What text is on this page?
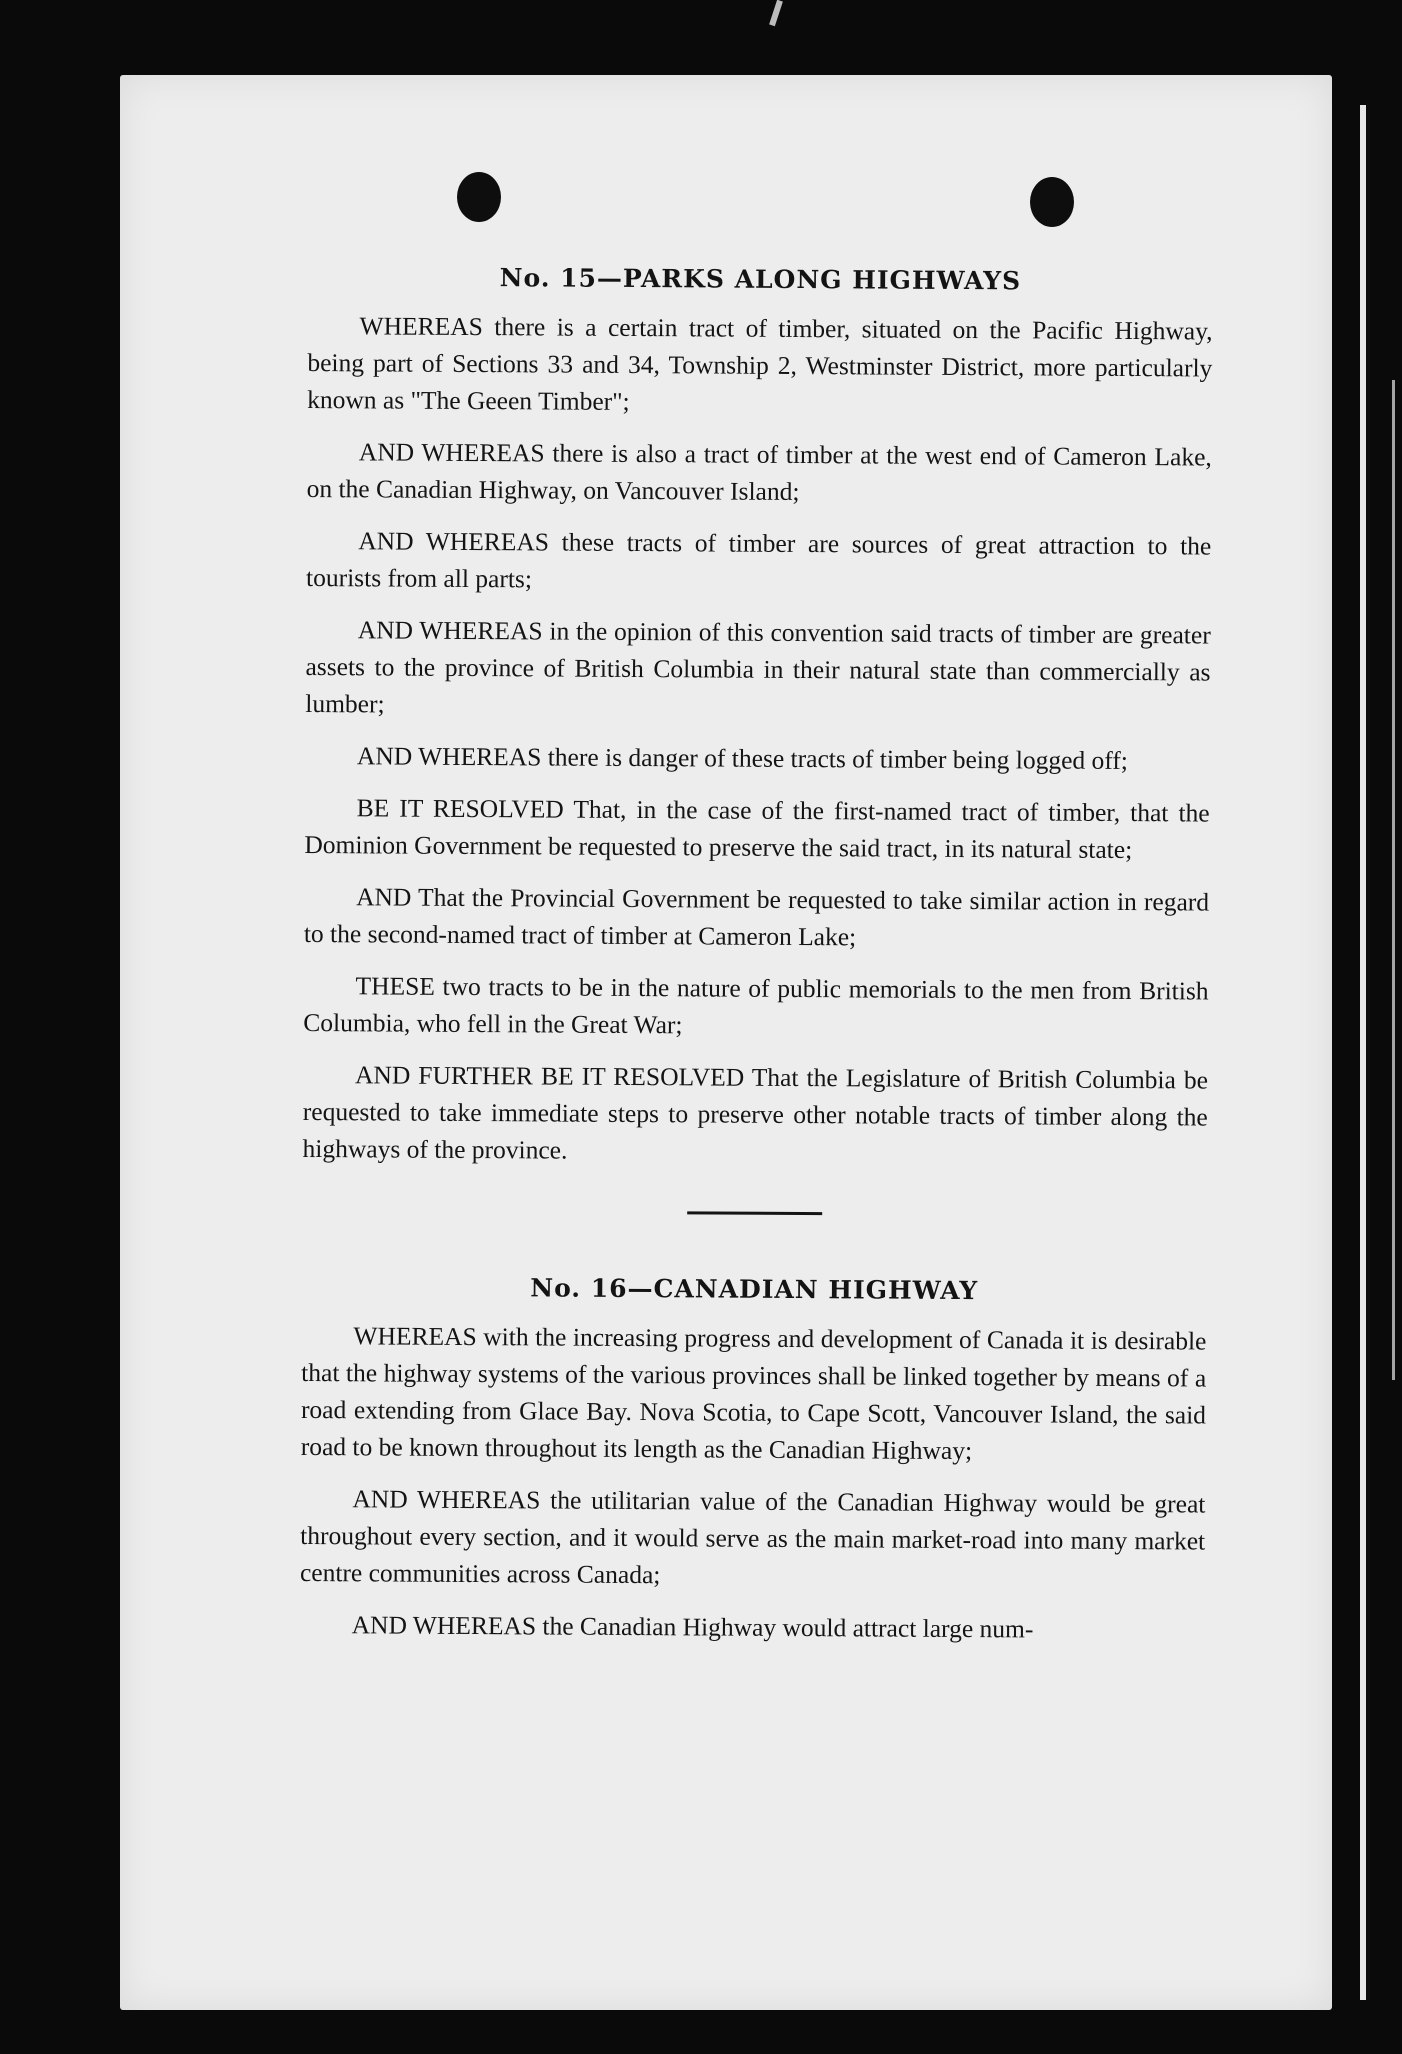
No. 15—PARKS ALONG HIGHWAYS

WHEREAS there is a certain tract of timber, situated on the Pacific Highway, being part of Sections 33 and 34, Township 2, Westminster District, more particularly known as "The Geeen Timber";

AND WHEREAS there is also a tract of timber at the west end of Cameron Lake, on the Canadian Highway, on Vancouver Island;

AND WHEREAS these tracts of timber are sources of great attraction to the tourists from all parts;

AND WHEREAS in the opinion of this convention said tracts of timber are greater assets to the province of British Columbia in their natural state than commercially as lumber;

AND WHEREAS there is danger of these tracts of timber being logged off;

BE IT RESOLVED That, in the case of the first-named tract of timber, that the Dominion Government be requested to preserve the said tract, in its natural state;

AND That the Provincial Government be requested to take similar action in regard to the second-named tract of timber at Cameron Lake;

THESE two tracts to be in the nature of public memorials to the men from British Columbia, who fell in the Great War;

AND FURTHER BE IT RESOLVED That the Legislature of British Columbia be requested to take immediate steps to preserve other notable tracts of timber along the highways of the province.

No. 16—CANADIAN HIGHWAY

WHEREAS with the increasing progress and development of Canada it is desirable that the highway systems of the various provinces shall be linked together by means of a road extending from Glace Bay. Nova Scotia, to Cape Scott, Vancouver Island, the said road to be known throughout its length as the Canadian Highway;

AND WHEREAS the utilitarian value of the Canadian Highway would be great throughout every section, and it would serve as the main market-road into many market centre communities across Canada;

AND WHEREAS the Canadian Highway would attract large num-
